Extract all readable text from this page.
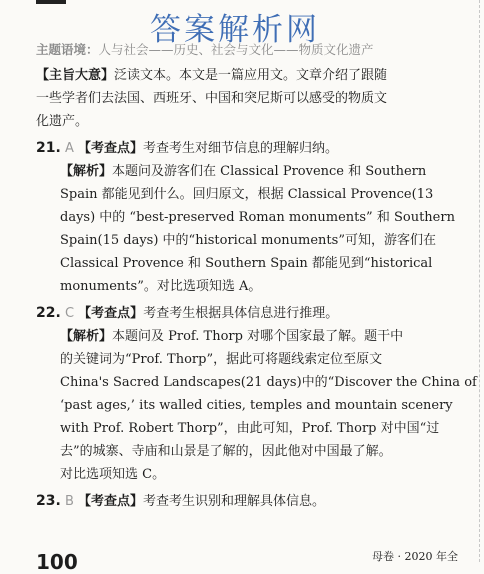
答案解析网
主题语境：人与社会——历史、社会与文化——物质文化遗产
【主旨大意】泛读文本。本文是一篇应用文。文章介绍了跟随
一些学者们去法国、西班牙、中国和突尼斯可以感受的物质文
化遗产。
21. A 【考查点】考查考生对细节信息的理解归纳。
【解析】本题问及游客们在 Classical Provence 和 Southern
Spain 都能见到什么。回归原文，根据 Classical Provence(13
days) 中的 “best-preserved Roman monuments” 和 Southern
Spain(15 days) 中的“historical monuments”可知，游客们在
Classical Provence 和 Southern Spain 都能见到“historical
monuments”。对比选项知选 A。
22. C 【考查点】考查考生根据具体信息进行推理。
【解析】本题问及 Prof. Thorp 对哪个国家最了解。题干中
的关键词为“Prof. Thorp”，据此可将题线索定位至原文
China's Sacred Landscapes(21 days)中的“Discover the China of
‘past ages,’ its walled cities, temples and mountain scenery
with Prof. Robert Thorp”，由此可知，Prof. Thorp 对中国“过
去”的城寨、寺庙和山景是了解的，因此他对中国最了解。
对比选项知选 C。
23. B 【考查点】考查考生识别和理解具体信息。
100	母卷 · 2020 年全
